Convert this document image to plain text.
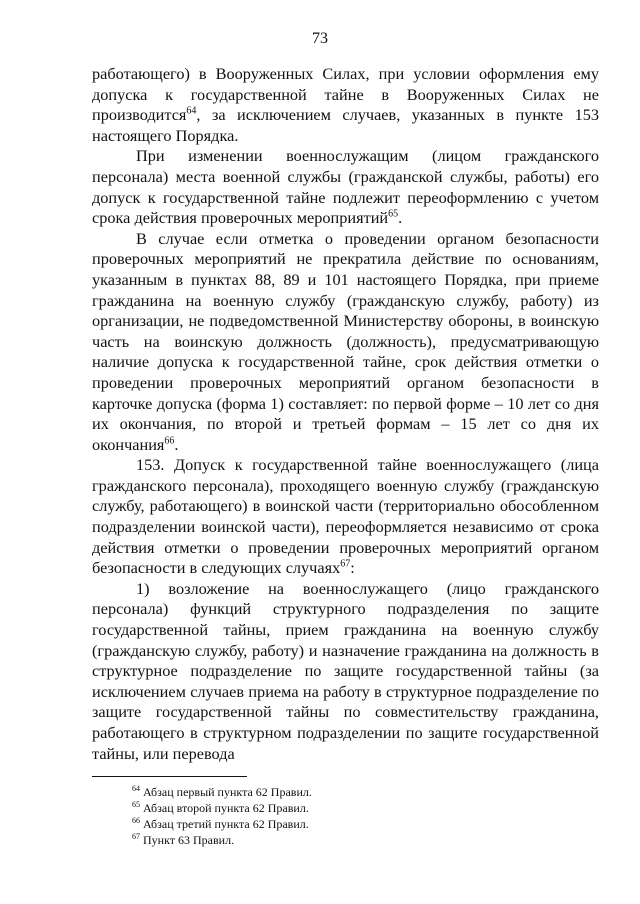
73

работающего) в Вооруженных Силах, при условии оформления ему допуска к государственной тайне в Вооруженных Силах не производится$^{64}$, за исключением случаев, указанных в пункте 153 настоящего Порядка.

При изменении военнослужащим (лицом гражданского персонала) места военной службы (гражданской службы, работы) его допуск к государственной тайне подлежит переоформлению с учетом срока действия проверочных мероприятий$^{65}$.

В случае если отметка о проведении органом безопасности проверочных мероприятий не прекратила действие по основаниям, указанным в пунктах 88, 89 и 101 настоящего Порядка, при приеме гражданина на военную службу (гражданскую службу, работу) из организации, не подведомственной Министерству обороны, в воинскую часть на воинскую должность (должность), предусматривающую наличие допуска к государственной тайне, срок действия отметки о проведении проверочных мероприятий органом безопасности в карточке допуска (форма 1) составляет: по первой форме – 10 лет со дня их окончания, по второй и третьей формам – 15 лет со дня их окончания$^{66}$.

153. Допуск к государственной тайне военнослужащего (лица гражданского персонала), проходящего военную службу (гражданскую службу, работающего) в воинской части (территориально обособленном подразделении воинской части), переоформляется независимо от срока действия отметки о проведении проверочных мероприятий органом безопасности в следующих случаях$^{67}$:

1) возложение на военнослужащего (лицо гражданского персонала) функций структурного подразделения по защите государственной тайны, прием гражданина на военную службу (гражданскую службу, работу) и назначение гражданина на должность в структурное подразделение по защите государственной тайны (за исключением случаев приема на работу в структурное подразделение по защите государственной тайны по совместительству гражданина, работающего в структурном подразделении по защите государственной тайны, или перевода

$^{64}$ Абзац первый пункта 62 Правил.

$^{65}$ Абзац второй пункта 62 Правил.

$^{66}$ Абзац третий пункта 62 Правил.

$^{67}$ Пункт 63 Правил.
